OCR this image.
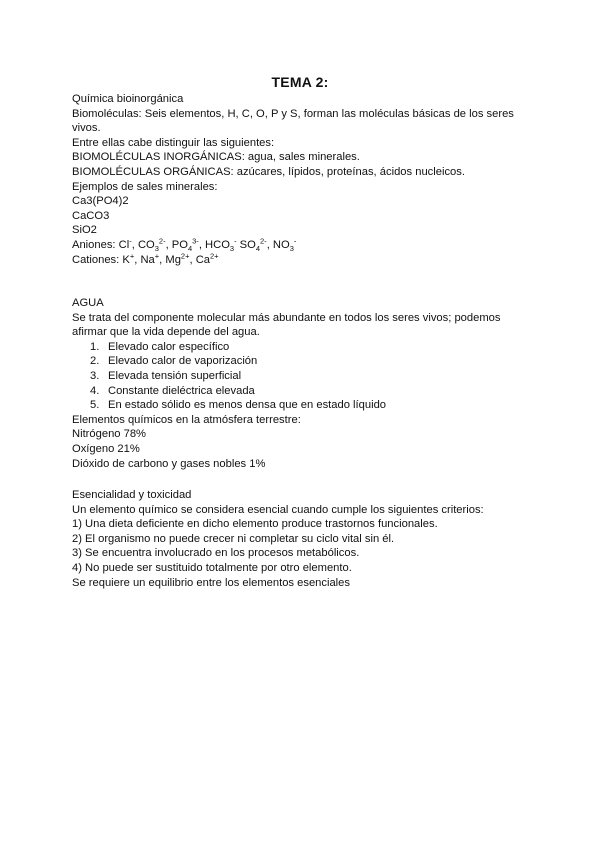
TEMA 2:
Química bioinorgánica
Biomoléculas: Seis elementos, H, C, O, P y S, forman las moléculas básicas de los seres vivos.
Entre ellas cabe distinguir las siguientes:
BIOMOLÉCULAS INORGÁNICAS: agua, sales minerales.
BIOMOLÉCULAS ORGÁNICAS: azúcares, lípidos, proteínas, ácidos nucleicos.
Ejemplos de sales minerales:
Ca3(PO4)2
CaCO3
SiO2
Aniones: Cl-, $CO_3^{2-}$, $PO_4^{3-}$, $HCO_3^-$ $SO_4^{2-}$, $NO_3^-$
Cationes: K+, Na+, $Mg^{2+}$, $Ca^{2+}$
AGUA
Se trata del componente molecular más abundante en todos los seres vivos; podemos
afirmar que la vida depende del agua.
1. Elevado calor específico
2. Elevado calor de vaporización
3. Elevada tensión superficial
4. Constante dieléctrica elevada
5. En estado sólido es menos densa que en estado líquido
Elementos químicos en la atmósfera terrestre:
Nitrógeno 78%
Oxígeno 21%
Dióxido de carbono y gases nobles 1%
Esencialidad y toxicidad
Un elemento químico se considera esencial cuando cumple los siguientes criterios:
1) Una dieta deficiente en dicho elemento produce trastornos funcionales.
2) El organismo no puede crecer ni completar su ciclo vital sin él.
3) Se encuentra involucrado en los procesos metabólicos.
4) No puede ser sustituido totalmente por otro elemento.
Se requiere un equilibrio entre los elementos esenciales
